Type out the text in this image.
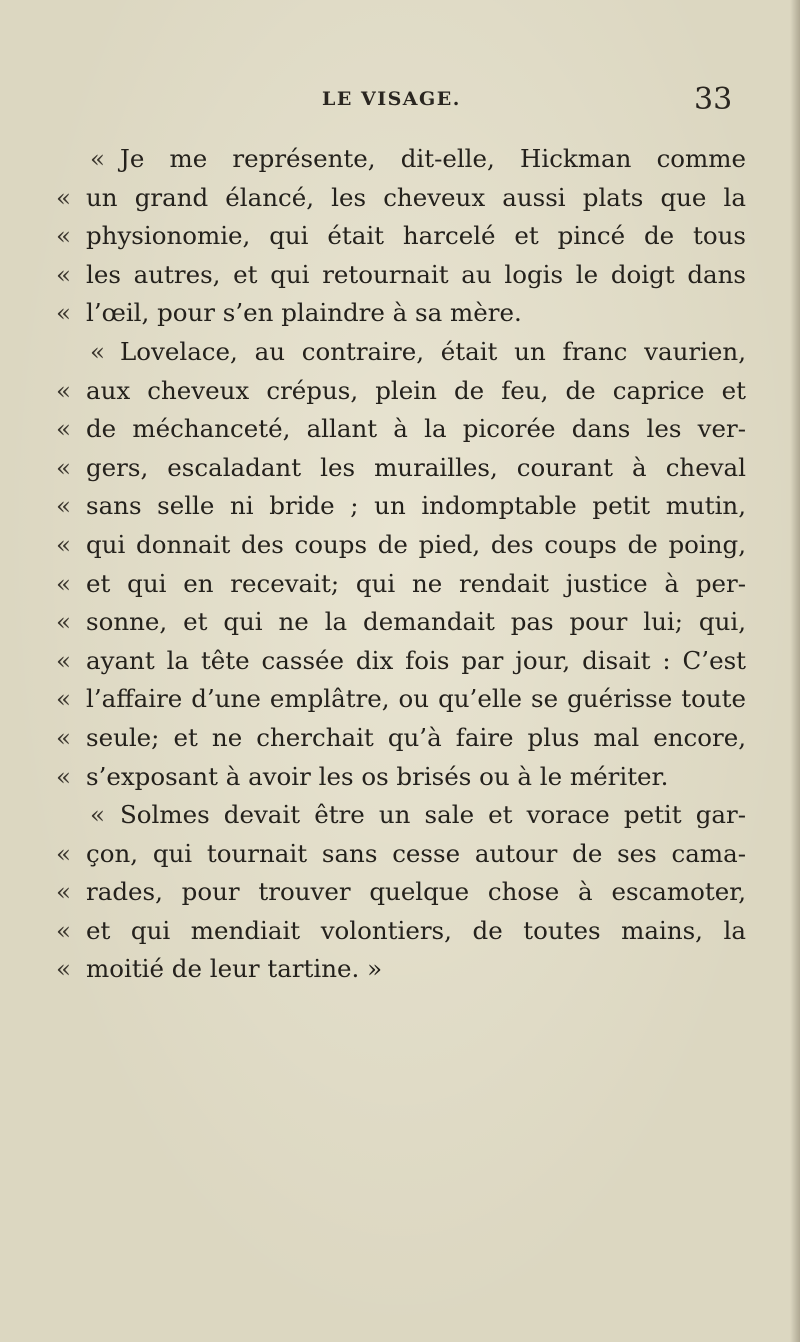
LE VISAGE.	33
« Je me représente, dit-elle, Hickman comme
« un grand élancé, les cheveux aussi plats que la
« physionomie, qui était harcelé et pincé de tous
« les autres, et qui retournait au logis le doigt dans
« l’œil, pour s’en plaindre à sa mère.
« Lovelace, au contraire, était un franc vaurien,
« aux cheveux crépus, plein de feu, de caprice et
« de méchanceté, allant à la picorée dans les ver-
« gers, escaladant les murailles, courant à cheval
« sans selle ni bride ; un indomptable petit mutin,
« qui donnait des coups de pied, des coups de poing,
« et qui en recevait; qui ne rendait justice à per-
« sonne, et qui ne la demandait pas pour lui; qui,
« ayant la tête cassée dix fois par jour, disait : C’est
« l’affaire d’une emplâtre, ou qu’elle se guérisse toute
« seule; et ne cherchait qu’à faire plus mal encore,
« s’exposant à avoir les os brisés ou à le mériter.
« Solmes devait être un sale et vorace petit gar-
« çon, qui tournait sans cesse autour de ses cama-
« rades, pour trouver quelque chose à escamoter,
« et qui mendiait volontiers, de toutes mains, la
« moitié de leur tartine. »
